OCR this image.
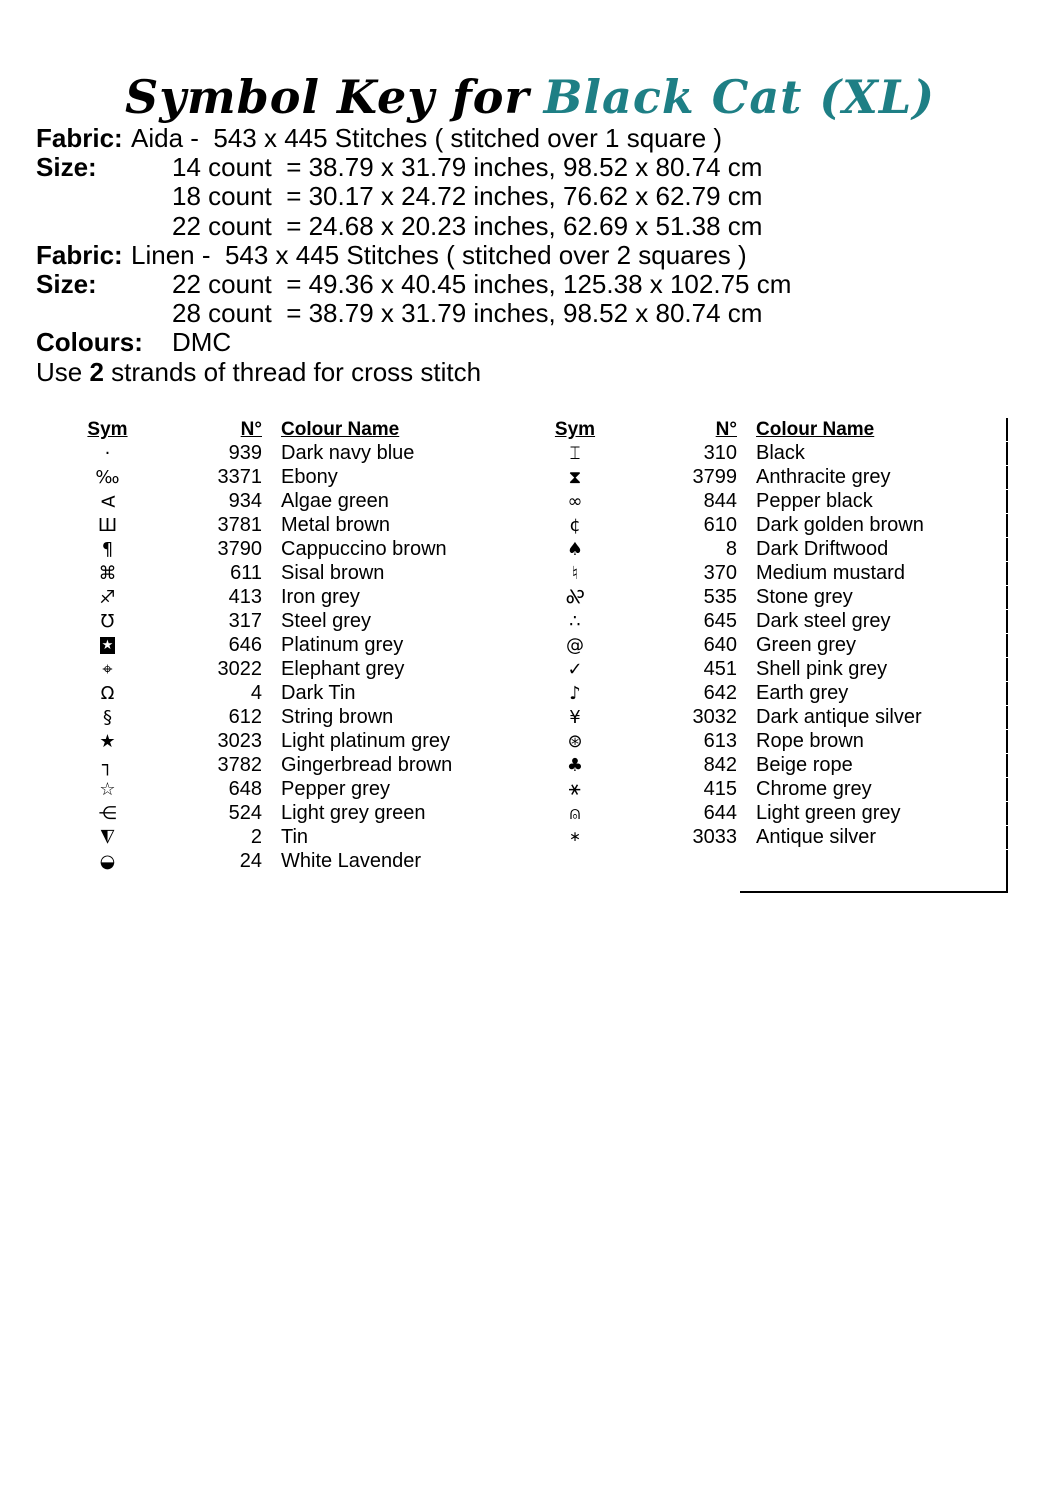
Symbol Key for Black Cat (XL)
Fabric: Aida -  543 x 445 Stitches ( stitched over 1 square )
Size:	14 count  = 38.79 x 31.79 inches, 98.52 x 80.74 cm
18 count  = 30.17 x 24.72 inches, 76.62 x 62.79 cm
22 count  = 24.68 x 20.23 inches, 62.69 x 51.38 cm
Fabric: Linen -  543 x 445 Stitches ( stitched over 2 squares )
Size:	22 count  = 49.36 x 40.45 inches, 125.38 x 102.75 cm
28 count  = 38.79 x 31.79 inches, 98.52 x 80.74 cm
Colours:	DMC
Use 2 strands of thread for cross stitch
Sym	N°	Colour Name
·	939 Dark navy blue
‰	3371 Ebony
∀	934 Algae green
Ш	3781 Metal brown
¶	3790 Cappuccino brown
⌘	611 Sisal brown
♐	413 Iron grey
℧	317 Steel grey
★	646 Platinum grey
⌖	3022 Elephant grey
Ω	4 Dark Tin
§	612 String brown
★	3023 Light platinum grey
┐	3782 Gingerbread brown
☆	648 Pepper grey
⋲	524 Light grey green
◭	2 Tin
◒	24 White Lavender
Sym	N°	Colour Name
⌶	310 Black
⧗	3799 Anthracite grey
∞	844 Pepper black
¢	610 Dark golden brown
♠	8 Dark Driftwood
♮	370 Medium mustard
℅	535 Stone grey
∴	645 Dark steel grey
@	640 Green grey
✓	451 Shell pink grey
♪	642 Earth grey
¥	3032 Dark antique silver
⊛	613 Rope brown
♣	842 Beige rope
∗	415 Chrome grey
⍝	644 Light green grey
∗	3033 Antique silver
